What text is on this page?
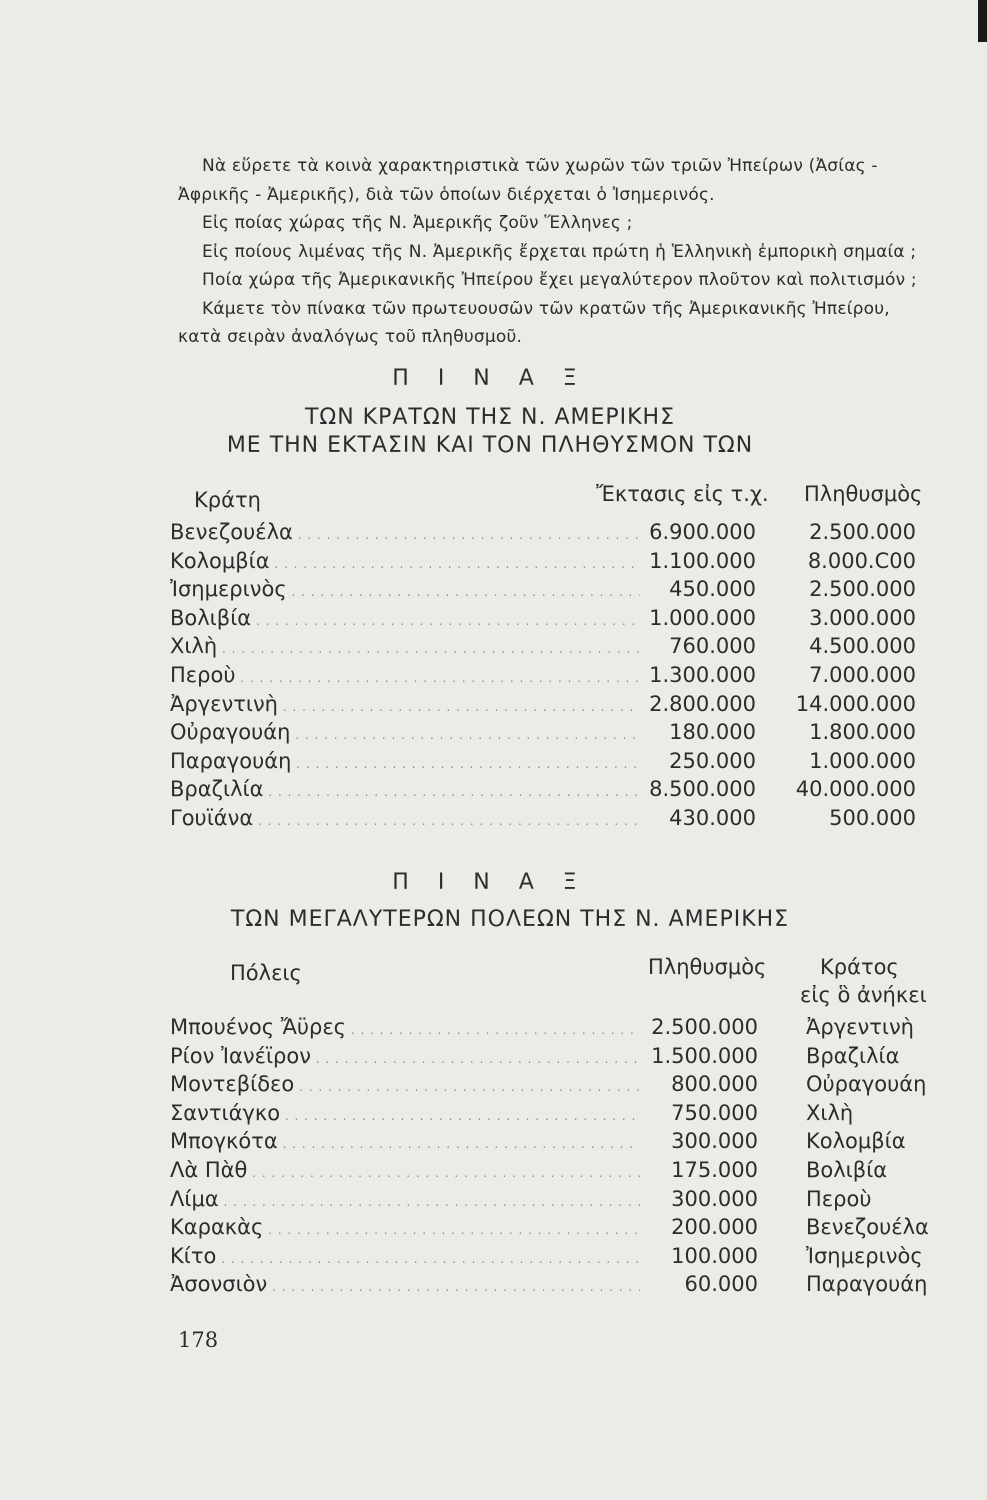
Νὰ εὕρετε τὰ κοινὰ χαρακτηριστικὰ τῶν χωρῶν τῶν τριῶν Ἠπείρων (Ἀσίας -

Ἀφρικῆς - Ἀμερικῆς), διὰ τῶν ὁποίων διέρχεται ὁ Ἰσημερινός.

Εἰς ποίας χώρας τῆς Ν. Ἀμερικῆς ζοῦν Ἕλληνες ;

Εἰς ποίους λιμένας τῆς Ν. Ἀμερικῆς ἔρχεται πρώτη ἡ Ἑλληνικὴ ἐμπορικὴ σημαία ;

Ποία χώρα τῆς Ἀμερικανικῆς Ἠπείρου ἔχει μεγαλύτερον πλοῦτον καὶ πολιτισμόν ;

Κάμετε τὸν πίνακα τῶν πρωτευουσῶν τῶν κρατῶν τῆς Ἀμερικανικῆς Ἠπείρου,

κατὰ σειρὰν ἀναλόγως τοῦ πληθυσμοῦ.

Π Ι Ν Α Ξ
ΤΩΝ ΚΡΑΤΩΝ ΤΗΣ Ν. ΑΜΕΡΙΚΗΣ
ΜΕ ΤΗΝ ΕΚΤΑΣΙΝ ΚΑΙ ΤΟΝ ΠΛΗΘΥΣΜΟΝ ΤΩΝ
Κράτη	Ἔκτασις εἰς τ.χ. Πληθυσμὸς
Βενεζουέλα . . .	6.900.000	2.500.000
Κολομβία . . .	1.100.000 8.000.C00
Ἰσημερινὸς . . .	450.000	2.500.000
Βολιβία . . .	1.000.000	3.000.000
Χιλὴ . . .	760.000	4.500.000
Περοὺ . . .	1.300.000	7.000.000
Ἀργεντινὴ . . .	2.800.000 14.000.000
Οὐραγουάη . . .	180.000	1.800.000
Παραγουάη . . .	250.000	1.000.000
Βραζιλία . . .	8.500.000 40.000.000
Γουϊάνα . . .	430.000	500.000
Π Ι Ν Α Ξ
ΤΩΝ ΜΕΓΑΛΥΤΕΡΩΝ ΠΟΛΕΩΝ ΤΗΣ Ν. ΑΜΕΡΙΚΗΣ
Πόλεις	Πληθυσμὸς	Κράτος
εἰς ὃ ἀνήκει
Μπουένος Ἄϋρες . . .	2.500.000 Ἀργεντινὴ
Ρίον Ἰανέϊρον . . .	1.500.000 Βραζιλία
Μοντεβίδεο . . .	800.000 Οὐραγουάη
Σαντιάγκο . . .	750.000 Χιλὴ
Μπογκότα . . .	300.000 Κολομβία
Λὰ Πὰθ . . .	175.000 Βολιβία
Λίμα . . .	300.000 Περοὺ
Καρακὰς . . .	200.000 Βενεζουέλα
Κίτο . . .	100.000 Ἰσημερινὸς
Ἀσονσιὸν . . .	60.000 Παραγουάη
178
